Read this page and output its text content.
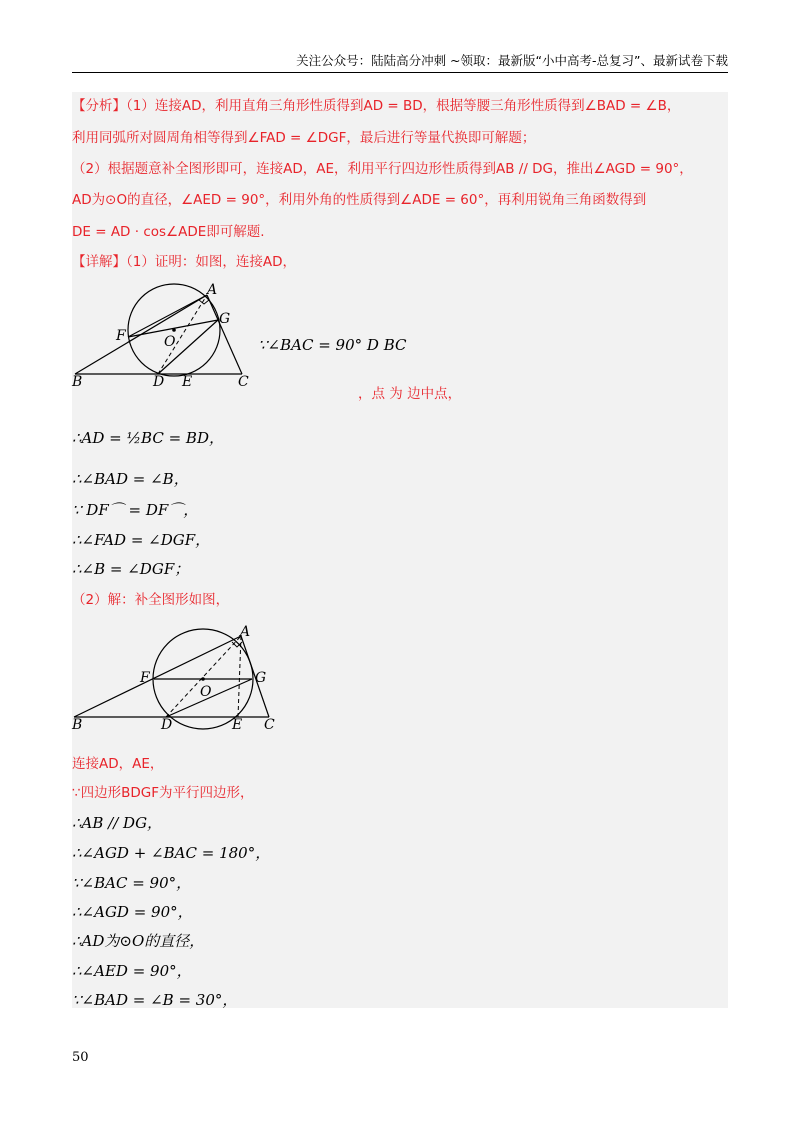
关注公众号：陆陆高分冲刺 ~领取：最新版“小中高考-总复习”、最新试卷下载
【分析】（1）连接AD，利用直角三角形性质得到AD = BD，根据等腰三角形性质得到∠BAD = ∠B，
利用同弧所对圆周角相等得到∠FAD = ∠DGF，最后进行等量代换即可解题；
（2）根据题意补全图形即可，连接AD，AE，利用平行四边形性质得到AB // DG，推出∠AGD = 90°，
AD为⊙O的直径，∠AED = 90°，利用外角的性质得到∠ADE = 60°，再利用锐角三角函数得到
DE = AD · cos∠ADE即可解题.
【详解】（1）证明：如图，连接AD，
A
G
F	O
B	D E	C
∵∠BAC = 90° D BC
，点 为 边中点，
∴AD = ½BC = BD，
∴∠BAD = ∠B，
∵ DF⌒ = DF⌒，
∴∠FAD = ∠DGF，
∴∠B = ∠DGF；
（2）解：补全图形如图，
A
F
O
G
B	D	E C
连接AD，AE，
∵四边形BDGF为平行四边形，
∴AB // DG，
∴∠AGD + ∠BAC = 180°，
∵∠BAC = 90°，
∴∠AGD = 90°，
∴AD为⊙O的直径，
∴∠AED = 90°，
∵∠BAD = ∠B = 30°，
50
